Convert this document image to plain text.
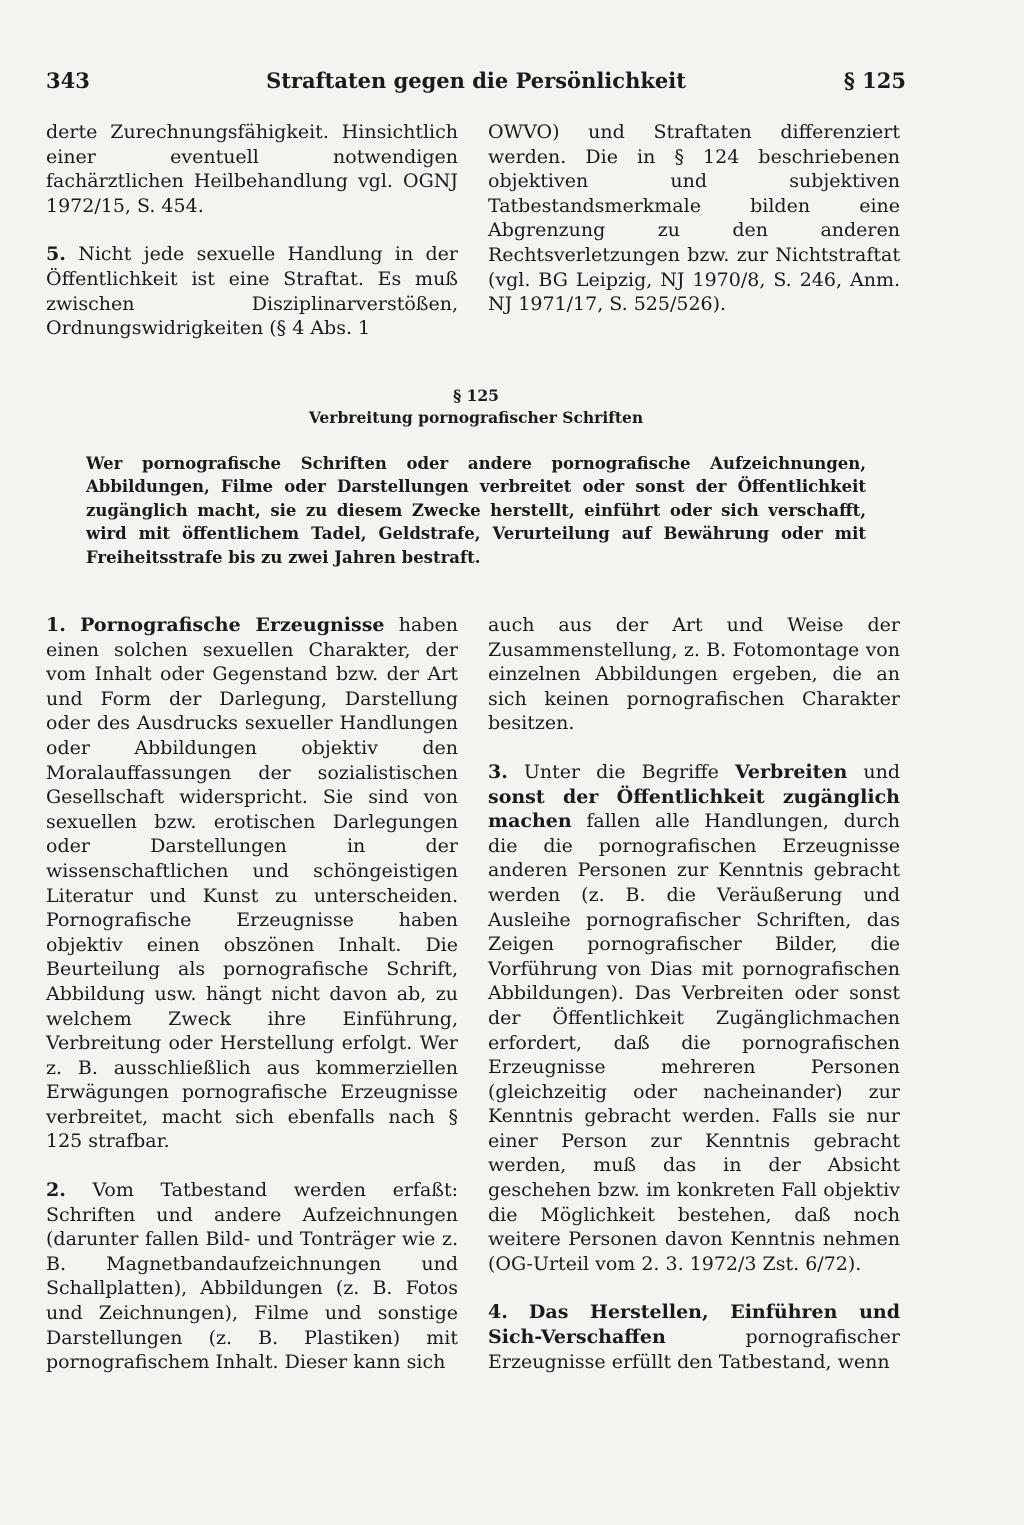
343	Straftaten gegen die Persönlichkeit	§ 125

derte Zurechnungsfähigkeit. Hinsichtlich einer eventuell notwendigen fachärztlichen Heilbehandlung vgl. OGNJ 1972/15, S. 454.

5. Nicht jede sexuelle Handlung in der Öffentlichkeit ist eine Straftat. Es muß zwischen Disziplinarverstößen, Ordnungswidrigkeiten (§ 4 Abs. 1

OWVO) und Straftaten differenziert werden. Die in § 124 beschriebenen objektiven und subjektiven Tatbestandsmerkmale bilden eine Abgrenzung zu den anderen Rechtsverletzungen bzw. zur Nichtstraftat (vgl. BG Leipzig, NJ 1970/8, S. 246, Anm. NJ 1971/17, S. 525/526).

§ 125
Verbreitung pornografischer Schriften

Wer pornografische Schriften oder andere pornografische Aufzeichnungen, Abbildungen, Filme oder Darstellungen verbreitet oder sonst der Öffentlichkeit zugänglich macht, sie zu diesem Zwecke herstellt, einführt oder sich verschafft, wird mit öffentlichem Tadel, Geldstrafe, Verurteilung auf Bewährung oder mit Freiheitsstrafe bis zu zwei Jahren bestraft.

1. Pornografische Erzeugnisse haben einen solchen sexuellen Charakter, der vom Inhalt oder Gegenstand bzw. der Art und Form der Darlegung, Darstellung oder des Ausdrucks sexueller Handlungen oder Abbildungen objektiv den Moralauffassungen der sozialistischen Gesellschaft widerspricht. Sie sind von sexuellen bzw. erotischen Darlegungen oder Darstellungen in der wissenschaftlichen und schöngeistigen Literatur und Kunst zu unterscheiden. Pornografische Erzeugnisse haben objektiv einen obszönen Inhalt. Die Beurteilung als pornografische Schrift, Abbildung usw. hängt nicht davon ab, zu welchem Zweck ihre Einführung, Verbreitung oder Herstellung erfolgt. Wer z. B. ausschließlich aus kommerziellen Erwägungen pornografische Erzeugnisse verbreitet, macht sich ebenfalls nach § 125 strafbar.

2. Vom Tatbestand werden erfaßt: Schriften und andere Aufzeichnungen (darunter fallen Bild- und Tonträger wie z. B. Magnetbandaufzeichnungen und Schallplatten), Abbildungen (z. B. Fotos und Zeichnungen), Filme und sonstige Darstellungen (z. B. Plastiken) mit pornografischem Inhalt. Dieser kann sich

auch aus der Art und Weise der Zusammenstellung, z. B. Fotomontage von einzelnen Abbildungen ergeben, die an sich keinen pornografischen Charakter besitzen.

3. Unter die Begriffe Verbreiten und sonst der Öffentlichkeit zugänglich machen fallen alle Handlungen, durch die die pornografischen Erzeugnisse anderen Personen zur Kenntnis gebracht werden (z. B. die Veräußerung und Ausleihe pornografischer Schriften, das Zeigen pornografischer Bilder, die Vorführung von Dias mit pornografischen Abbildungen). Das Verbreiten oder sonst der Öffentlichkeit Zugänglichmachen erfordert, daß die pornografischen Erzeugnisse mehreren Personen (gleichzeitig oder nacheinander) zur Kenntnis gebracht werden. Falls sie nur einer Person zur Kenntnis gebracht werden, muß das in der Absicht geschehen bzw. im konkreten Fall objektiv die Möglichkeit bestehen, daß noch weitere Personen davon Kenntnis nehmen (OG-Urteil vom 2. 3. 1972/3 Zst. 6/72).

4. Das Herstellen, Einführen und Sich-Verschaffen	pornografischer Erzeugnisse erfüllt den Tatbestand, wenn
